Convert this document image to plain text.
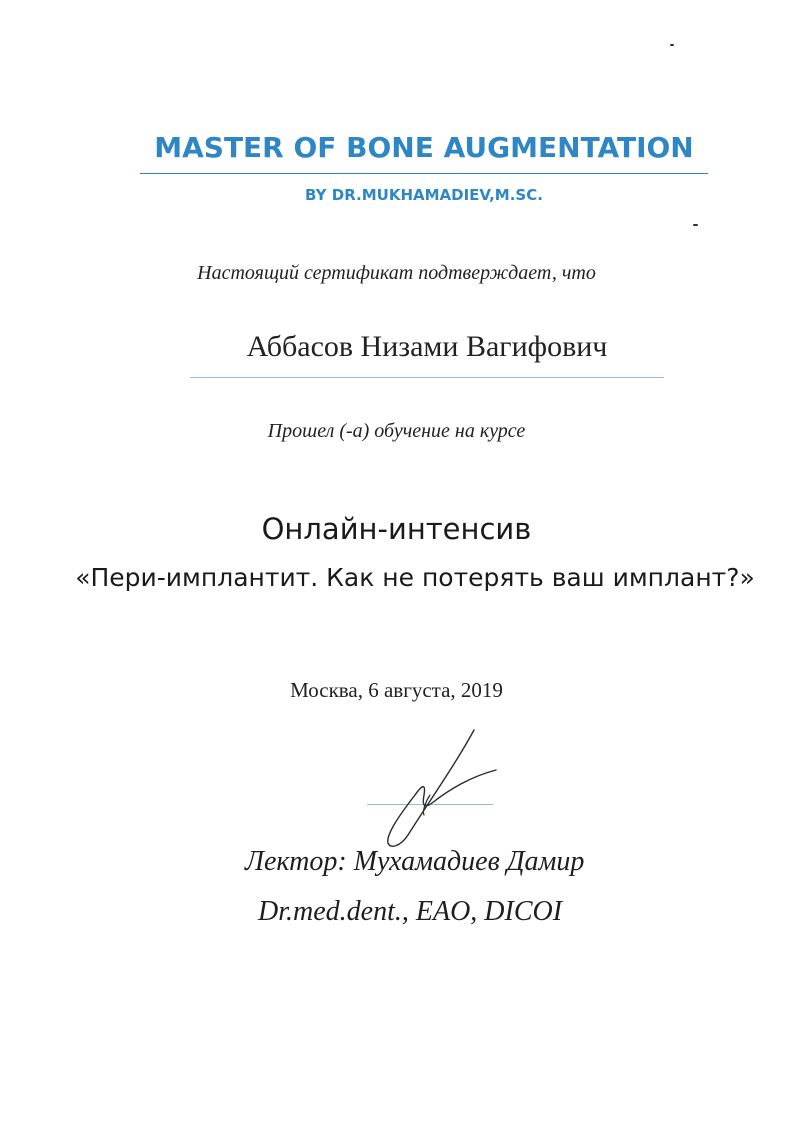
MASTER OF BONE AUGMENTATION
BY DR.MUKHAMADIEV,M.SC.
Настоящий сертификат подтверждает, что
Аббасов Низами Вагифович
Прошел (-а) обучение на курсе
Онлайн-интенсив
«Пери-имплантит. Как не потерять ваш имплант?»
Москва, 6 августа, 2019
Лектор: Мухамадиев Дамир
Dr.med.dent., EAO, DICOI
